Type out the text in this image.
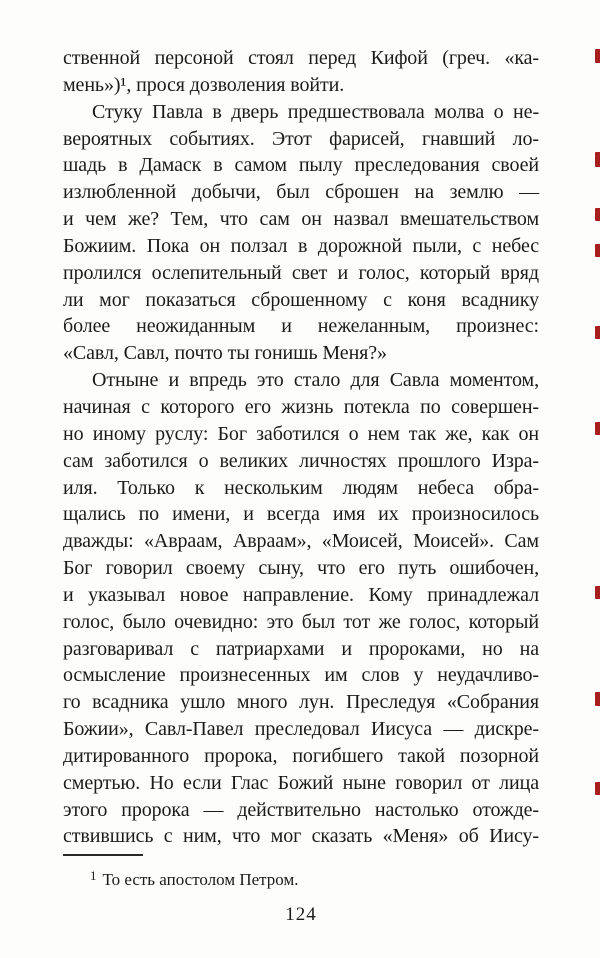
ственной персоной стоял перед Кифой (греч. «ка-
мень»)¹, прося дозволения войти.
Стуку Павла в дверь предшествовала молва о не-
вероятных событиях. Этот фарисей, гнавший ло-
шадь в Дамаск в самом пылу преследования своей
излюбленной добычи, был сброшен на землю —
и чем же? Тем, что сам он назвал вмешательством
Божиим. Пока он ползал в дорожной пыли, с небес
пролился ослепительный свет и голос, который вряд
ли мог показаться сброшенному с коня всаднику
более неожиданным и нежеланным, произнес:
«Савл, Савл, почто ты гонишь Меня?»
Отныне и впредь это стало для Савла моментом,
начиная с которого его жизнь потекла по совершен-
но иному руслу: Бог заботился о нем так же, как он
сам заботился о великих личностях прошлого Изра-
иля. Только к нескольким людям небеса обра-
щались по имени, и всегда имя их произносилось
дважды: «Авраам, Авраам», «Моисей, Моисей». Сам
Бог говорил своему сыну, что его путь ошибочен,
и указывал новое направление. Кому принадлежал
голос, было очевидно: это был тот же голос, который
разговаривал с патриархами и пророками, но на
осмысление произнесенных им слов у неудачливо-
го всадника ушло много лун. Преследуя «Собрания
Божии», Савл-Павел преследовал Иисуса — дискре-
дитированного пророка, погибшего такой позорной
смертью. Но если Глас Божий ныне говорил от лица
этого пророка — действительно настолько отожде-
ствившись с ним, что мог сказать «Меня» об Иису-
$^1$ То есть апостолом Петром.
124
